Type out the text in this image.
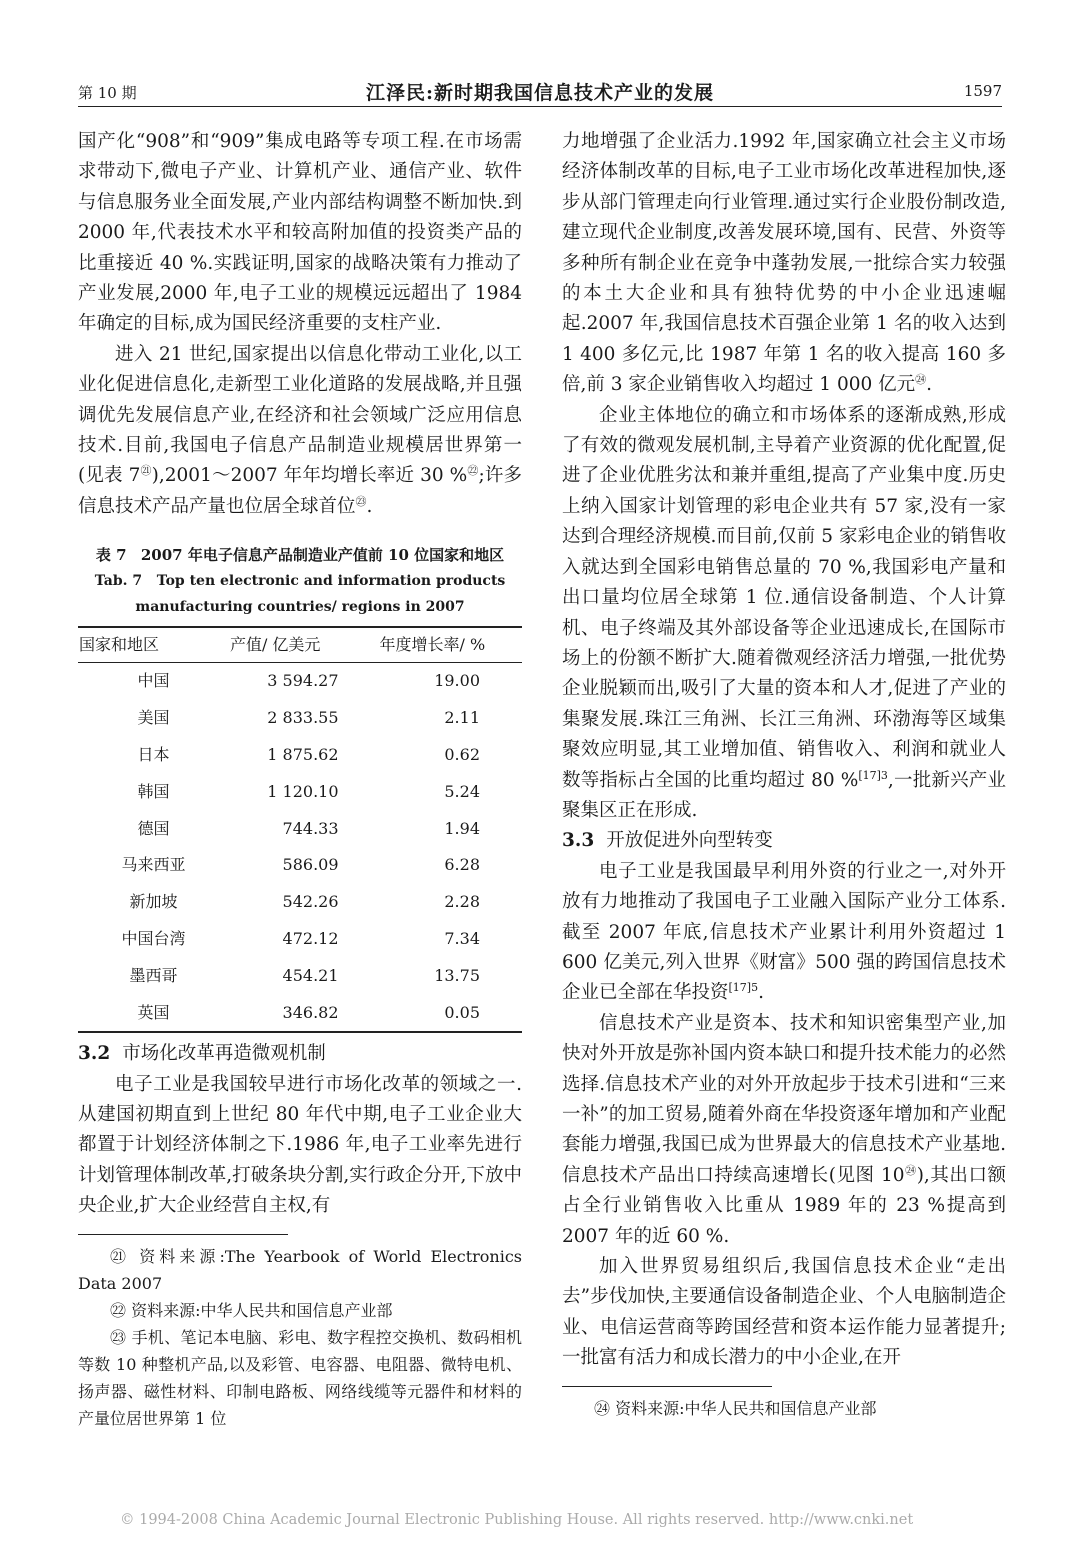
第 10 期	江泽民:新时期我国信息技术产业的发展	1597

国产化“908”和“909”集成电路等专项工程.在市场需求带动下,微电子产业、计算机产业、通信产业、软件与信息服务业全面发展,产业内部结构调整不断加快.到 2000 年,代表技术水平和较高附加值的投资类产品的比重接近 40 %.实践证明,国家的战略决策有力推动了产业发展,2000 年,电子工业的规模远远超出了 1984 年确定的目标,成为国民经济重要的支柱产业.

进入 21 世纪,国家提出以信息化带动工业化,以工业化促进信息化,走新型工业化道路的发展战略,并且强调优先发展信息产业,在经济和社会领域广泛应用信息技术.目前,我国电子信息产品制造业规模居世界第一(见表 $7^㉑),2001\sim 2007$ 年年均增长率近 30 %$^㉒$;许多信息技术产品产量也位居全球首位$^㉓$.

表 7 2007 年电子信息产品制造业产值前 10 位国家和地区
Tab. 7 Top ten electronic and information products
manufacturing countries/ regions in 2007
国家和地区	产值/ 亿美元	年度增长率/ %
中国	3 594.27	19.00
美国	2 833.55	2.11
日本	1 875.62	0.62
韩国	1 120.10	5.24
德国	744.33	1.94
马来西亚	586.09	6.28
新加坡	542.26	2.28
中国台湾	472.12	7.34
墨西哥	454.21	13.75
英国	346.82	0.05
3.2 市场化改革再造微观机制

电子工业是我国较早进行市场化改革的领域之一.从建国初期直到上世纪 80 年代中期,电子工业企业大都置于计划经济体制之下.1986 年,电子工业率先进行计划管理体制改革,打破条块分割,实行政企分开,下放中央企业,扩大企业经营自主权,有

㉑ 资料来源:The Yearbook of World Electronics Data 2007

㉒ 资料来源:中华人民共和国信息产业部

㉓ 手机、笔记本电脑、彩电、数字程控交换机、数码相机等数 10 种整机产品,以及彩管、电容器、电阻器、微特电机、扬声器、磁性材料、印制电路板、网络线缆等元器件和材料的产量位居世界第 1 位

力地增强了企业活力.1992 年,国家确立社会主义市场经济体制改革的目标,电子工业市场化改革进程加快,逐步从部门管理走向行业管理.通过实行企业股份制改造,建立现代企业制度,改善发展环境,国有、民营、外资等多种所有制企业在竞争中蓬勃发展,一批综合实力较强的本土大企业和具有独特优势的中小企业迅速崛起.2007 年,我国信息技术百强企业第 1 名的收入达到 1 400 多亿元,比 1987 年第 1 名的收入提高 160 多倍,前 3 家企业销售收入均超过 1 000 亿元$^㉔$.

企业主体地位的确立和市场体系的逐渐成熟,形成了有效的微观发展机制,主导着产业资源的优化配置,促进了企业优胜劣汰和兼并重组,提高了产业集中度.历史上纳入国家计划管理的彩电企业共有 57 家,没有一家达到合理经济规模.而目前,仅前 5 家彩电企业的销售收入就达到全国彩电销售总量的 70 %,我国彩电产量和出口量均位居全球第 1 位.通信设备制造、个人计算机、电子终端及其外部设备等企业迅速成长,在国际市场上的份额不断扩大.随着微观经济活力增强,一批优势企业脱颖而出,吸引了大量的资本和人才,促进了产业的集聚发展.珠江三角洲、长江三角洲、环渤海等区域集聚效应明显,其工业增加值、销售收入、利润和就业人数等指标占全国的比重均超过 80 %$^{[17]3}$,一批新兴产业聚集区正在形成.

3.3 开放促进外向型转变

电子工业是我国最早利用外资的行业之一,对外开放有力地推动了我国电子工业融入国际产业分工体系.截至 2007 年底,信息技术产业累计利用外资超过 1 600 亿美元,列入世界《财富》500 强的跨国信息技术企业已全部在华投资$^{[17]5}$.

信息技术产业是资本、技术和知识密集型产业,加快对外开放是弥补国内资本缺口和提升技术能力的必然选择.信息技术产业的对外开放起步于技术引进和“三来一补”的加工贸易,随着外商在华投资逐年增加和产业配套能力增强,我国已成为世界最大的信息技术产业基地.信息技术产品出口持续高速增长(见图 $10^㉔$),其出口额占全行业销售收入比重从 1989 年的 23 %提高到 2007 年的近 60 %.

加入世界贸易组织后,我国信息技术企业“走出去”步伐加快,主要通信设备制造企业、个人电脑制造企业、电信运营商等跨国经营和资本运作能力显著提升;一批富有活力和成长潜力的中小企业,在开

㉔ 资料来源:中华人民共和国信息产业部

© 1994-2008 China Academic Journal Electronic Publishing House. All rights reserved. http://www.cnki.net
